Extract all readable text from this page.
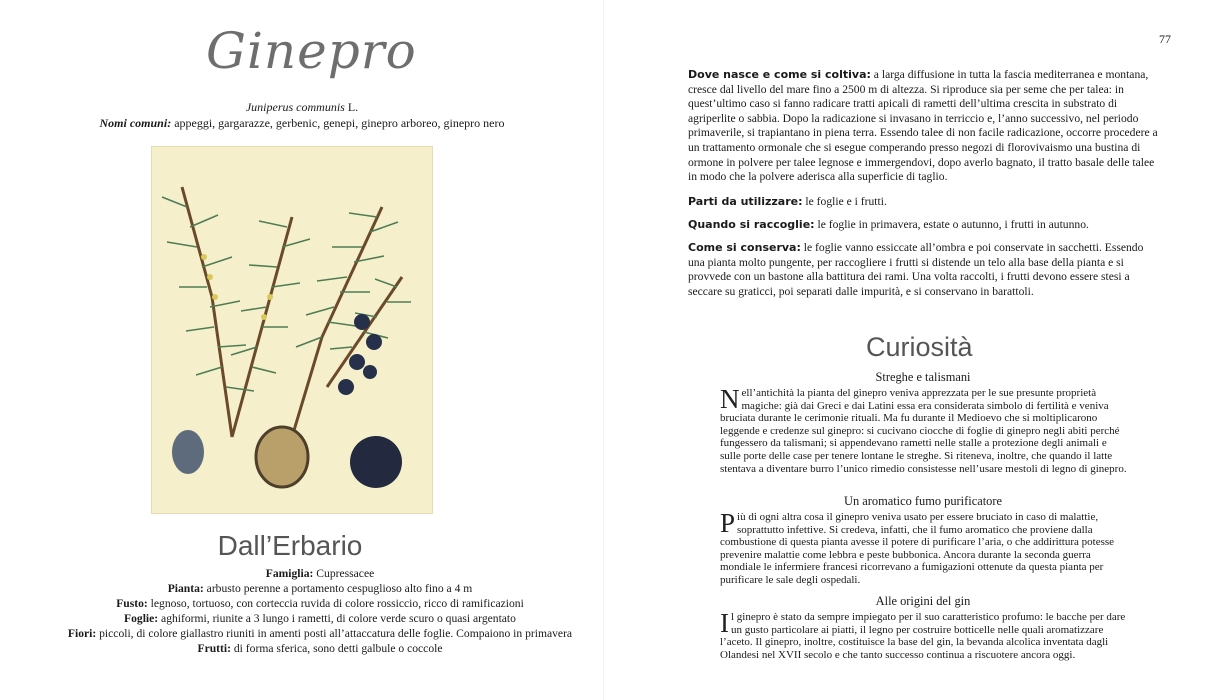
Ginepro
Juniperus communis L.
Nomi comuni: appeggi, gargarazze, gerbenic, genepi, ginepro arboreo, ginepro nero
Dall’Erbario
Famiglia: Cupressacee
Pianta: arbusto perenne a portamento cespuglioso alto fino a 4 m
Fusto: legnoso, tortuoso, con corteccia ruvida di colore rossiccio, ricco di ramificazioni
Foglie: aghiformi, riunite a 3 lungo i rametti, di colore verde scuro o quasi argentato
Fiori: piccoli, di colore giallastro riuniti in amenti posti all’attaccatura delle foglie. Compaiono in primavera
Frutti: di forma sferica, sono detti galbule o coccole
77
Dove nasce e come si coltiva: a larga diffusione in tutta la fascia mediterranea e montana, cresce dal livello del mare fino a 2500 m di altezza. Si riproduce sia per seme che per talea: in quest’ultimo caso si fanno radicare tratti apicali di rametti dell’ultima crescita in substrato di agriperlite o sabbia. Dopo la radicazione si invasano in terriccio e, l’anno successivo, nel periodo primaverile, si trapiantano in piena terra. Essendo talee di non facile radicazione, occorre procedere a un trattamento ormonale che si esegue comperando presso negozi di florovivaismo una bustina di ormone in polvere per talee legnose e immergendovi, dopo averlo bagnato, il tratto basale delle talee in modo che la polvere aderisca alla superficie di taglio.
Parti da utilizzare: le foglie e i frutti.
Quando si raccoglie: le foglie in primavera, estate o autunno, i frutti in autunno.
Come si conserva: le foglie vanno essiccate all’ombra e poi conservate in sacchetti. Essendo una pianta molto pungente, per raccogliere i frutti si distende un telo alla base della pianta e si provvede con un bastone alla battitura dei rami. Una volta raccolti, i frutti devono essere stesi a seccare su graticci, poi separati dalle impurità, e si conservano in barattoli.
Curiosità
Streghe e talismani
Nell’antichità la pianta del ginepro veniva apprezzata per le sue presunte proprietà magiche: già dai Greci e dai Latini essa era considerata simbolo di fertilità e veniva bruciata durante le cerimonie rituali. Ma fu durante il Medioevo che si moltiplicarono leggende e credenze sul ginepro: si cucivano ciocche di foglie di ginepro negli abiti perché fungessero da talismani; si appendevano rametti nelle stalle a protezione degli animali e sulle porte delle case per tenere lontane le streghe. Si riteneva, inoltre, che quando il latte stentava a diventare burro l’unico rimedio consistesse nell’usare mestoli di legno di ginepro.
Un aromatico fumo purificatore
Più di ogni altra cosa il ginepro veniva usato per essere bruciato in caso di malattie, soprattutto infettive. Si credeva, infatti, che il fumo aromatico che proviene dalla combustione di questa pianta avesse il potere di purificare l’aria, o che addirittura potesse prevenire malattie come lebbra e peste bubbonica. Ancora durante la seconda guerra mondiale le infermiere francesi ricorrevano a fumigazioni ottenute da questa pianta per purificare le sale degli ospedali.
Alle origini del gin
Il ginepro è stato da sempre impiegato per il suo caratteristico profumo: le bacche per dare un gusto particolare ai piatti, il legno per costruire botticelle nelle quali aromatizzare l’aceto. Il ginepro, inoltre, costituisce la base del gin, la bevanda alcolica inventata dagli Olandesi nel XVII secolo e che tanto successo continua a riscuotere ancora oggi.
